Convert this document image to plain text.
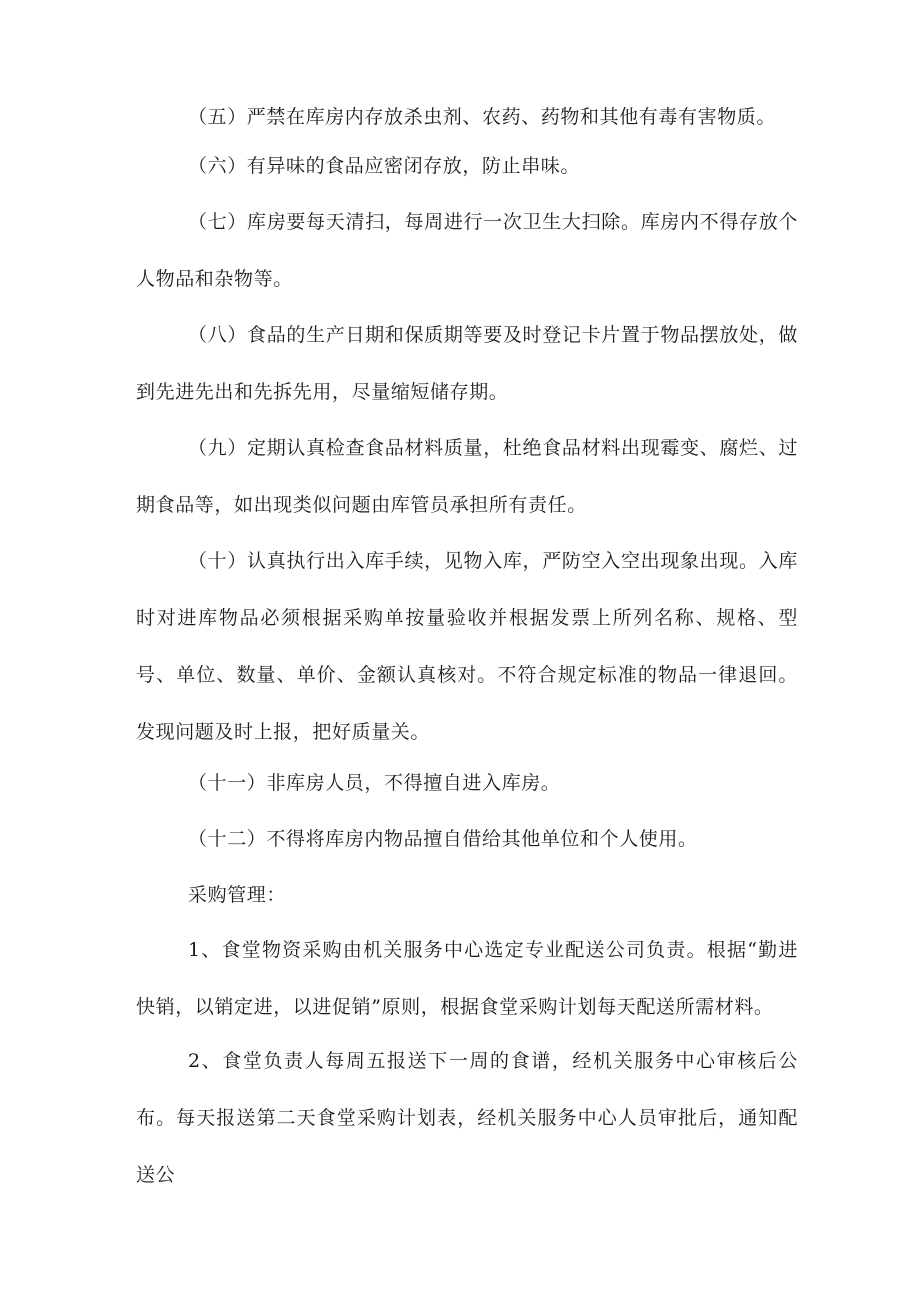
（五）严禁在库房内存放杀虫剂、农药、药物和其他有毒有害物质。

（六）有异味的食品应密闭存放，防止串味。

（七）库房要每天清扫，每周进行一次卫生大扫除。库房内不得存放个人物品和杂物等。

（八）食品的生产日期和保质期等要及时登记卡片置于物品摆放处，做到先进先出和先拆先用，尽量缩短储存期。

（九）定期认真检查食品材料质量，杜绝食品材料出现霉变、腐烂、过期食品等，如出现类似问题由库管员承担所有责任。

（十）认真执行出入库手续，见物入库，严防空入空出现象出现。入库时对进库物品必须根据采购单按量验收并根据发票上所列名称、规格、型号、单位、数量、单价、金额认真核对。不符合规定标准的物品一律退回。发现问题及时上报，把好质量关。

（十一）非库房人员，不得擅自进入库房。

（十二）不得将库房内物品擅自借给其他单位和个人使用。

采购管理：

1、食堂物资采购由机关服务中心选定专业配送公司负责。根据“勤进快销，以销定进，以进促销”原则，根据食堂采购计划每天配送所需材料。

2、食堂负责人每周五报送下一周的食谱，经机关服务中心审核后公布。每天报送第二天食堂采购计划表，经机关服务中心人员审批后，通知配送公
